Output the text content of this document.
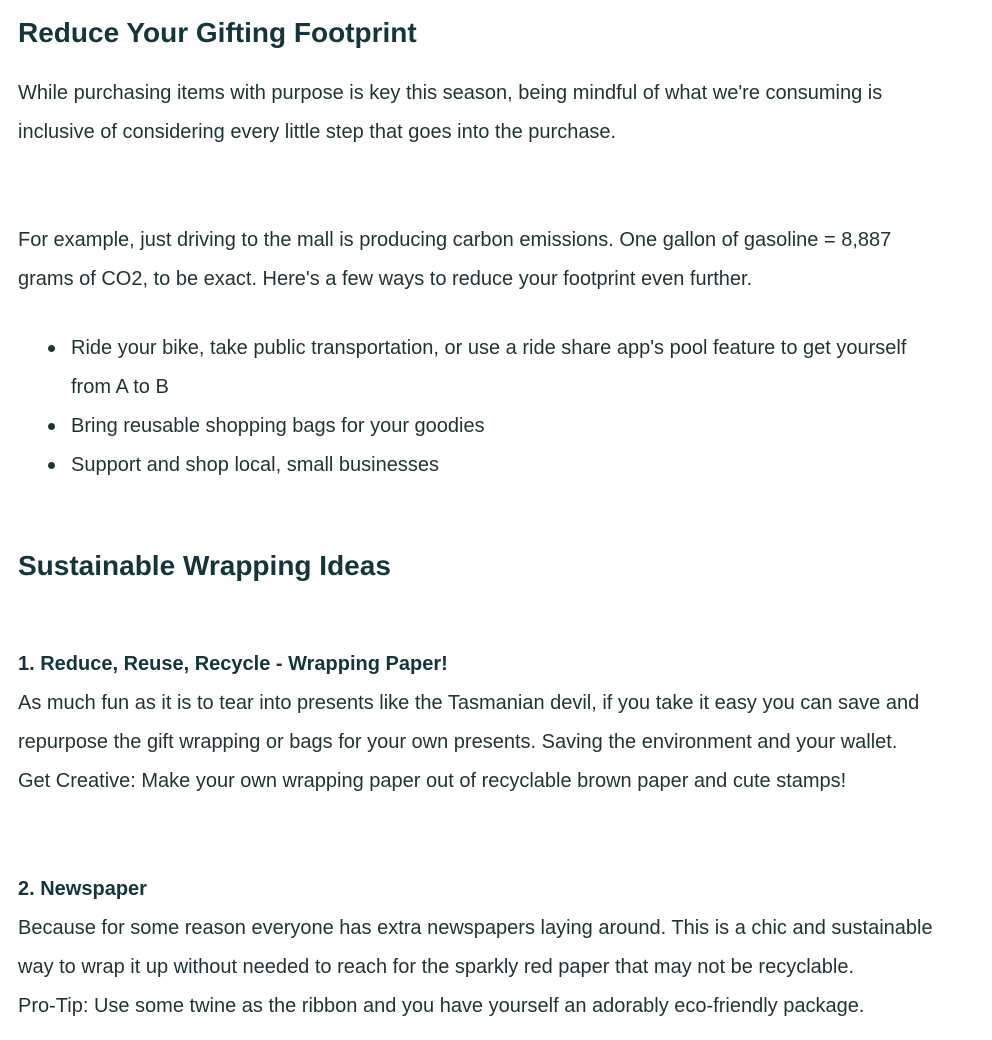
Reduce Your Gifting Footprint

While purchasing items with purpose is key this season, being mindful of what we're consuming is
inclusive of considering every little step that goes into the purchase.

For example, just driving to the mall is producing carbon emissions. One gallon of gasoline = 8,887
grams of CO2, to be exact. Here's a few ways to reduce your footprint even further.

Ride your bike, take public transportation, or use a ride share app's pool feature to get yourself
from A to B
Bring reusable shopping bags for your goodies
Support and shop local, small businesses
Sustainable Wrapping Ideas
1. Reduce, Reuse, Recycle - Wrapping Paper!

As much fun as it is to tear into presents like the Tasmanian devil, if you take it easy you can save and
repurpose the gift wrapping or bags for your own presents. Saving the environment and your wallet.
Get Creative: Make your own wrapping paper out of recyclable brown paper and cute stamps!

2. Newspaper

Because for some reason everyone has extra newspapers laying around. This is a chic and sustainable
way to wrap it up without needed to reach for the sparkly red paper that may not be recyclable.
Pro-Tip: Use some twine as the ribbon and you have yourself an adorably eco-friendly package.
